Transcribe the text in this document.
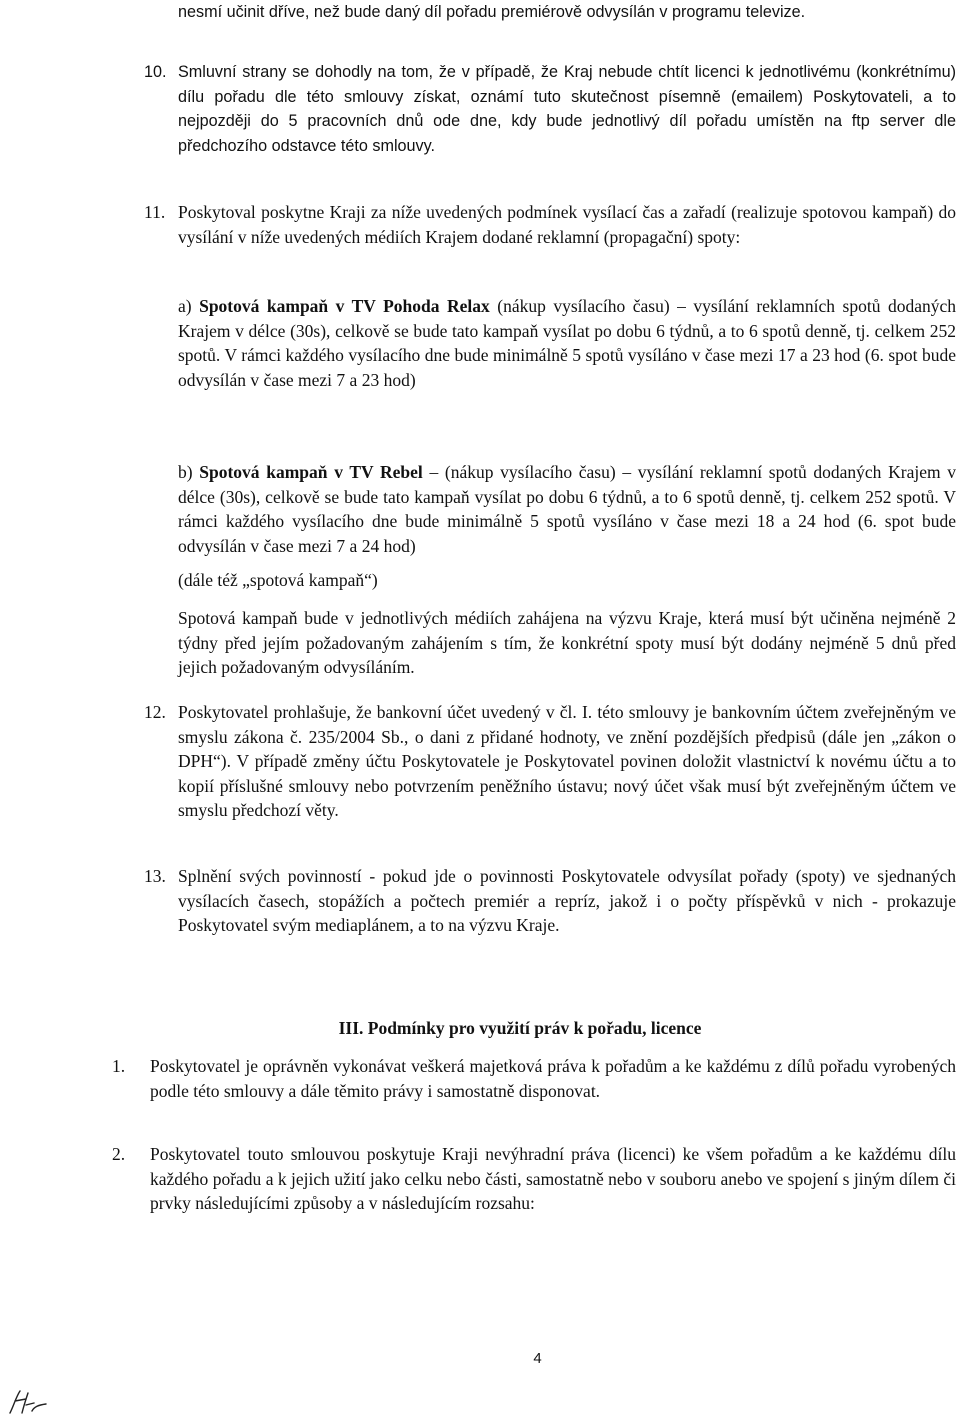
nesmí učinit dříve, než bude daný díl pořadu premiérově odvysílán v programu televize.

10. Smluvní strany se dohodly na tom, že v případě, že Kraj nebude chtít licenci k jednotlivému (konkrétnímu) dílu pořadu dle této smlouvy získat, oznámí tuto skutečnost písemně (emailem) Poskytovateli, a to nejpozději do 5 pracovních dnů ode dne, kdy bude jednotlivý díl pořadu umístěn na ftp server dle předchozího odstavce této smlouvy.

11. Poskytoval poskytne Kraji za níže uvedených podmínek vysílací čas a zařadí (realizuje spotovou kampaň) do vysílání v níže uvedených médiích Krajem dodané reklamní (propagační) spoty:

a) Spotová kampaň v TV Pohoda Relax (nákup vysílacího času) – vysílání reklamních spotů dodaných Krajem v délce (30s), celkově se bude tato kampaň vysílat po dobu 6 týdnů, a to 6 spotů denně, tj. celkem 252 spotů. V rámci každého vysílacího dne bude minimálně 5 spotů vysíláno v čase mezi 17 a 23 hod (6. spot bude odvysílán v čase mezi 7 a 23 hod)

b) Spotová kampaň v TV Rebel – (nákup vysílacího času) – vysílání reklamní spotů dodaných Krajem v délce (30s), celkově se bude tato kampaň vysílat po dobu 6 týdnů, a to 6 spotů denně, tj. celkem 252 spotů. V rámci každého vysílacího dne bude minimálně 5 spotů vysíláno v čase mezi 18 a 24 hod (6. spot bude odvysílán v čase mezi 7 a 24 hod)

(dále též „spotová kampaň“)

Spotová kampaň bude v jednotlivých médiích zahájena na výzvu Kraje, která musí být učiněna nejméně 2 týdny před jejím požadovaným zahájením s tím, že konkrétní spoty musí být dodány nejméně 5 dnů před jejich požadovaným odvysíláním.

12. Poskytovatel prohlašuje, že bankovní účet uvedený v čl. I. této smlouvy je bankovním účtem zveřejněným ve smyslu zákona č. 235/2004 Sb., o dani z přidané hodnoty, ve znění pozdějších předpisů (dále jen „zákon o DPH“). V případě změny účtu Poskytovatele je Poskytovatel povinen doložit vlastnictví k novému účtu a to kopií příslušné smlouvy nebo potvrzením peněžního ústavu; nový účet však musí být zveřejněným účtem ve smyslu předchozí věty.

13. Splnění svých povinností - pokud jde o povinnosti Poskytovatele odvysílat pořady (spoty) ve sjednaných vysílacích časech, stopážích a počtech premiér a repríz, jakož i o počty příspěvků v nich - prokazuje Poskytovatel svým mediaplánem, a to na výzvu Kraje.

III. Podmínky pro využití práv k pořadu, licence
1. Poskytovatel je oprávněn vykonávat veškerá majetková práva k pořadům a ke každému z dílů pořadu vyrobených podle této smlouvy a dále těmito právy i samostatně disponovat.

2. Poskytovatel touto smlouvou poskytuje Kraji nevýhradní práva (licenci) ke všem pořadům a ke každému dílu každého pořadu a k jejich užití jako celku nebo části, samostatně nebo v souboru anebo ve spojení s jiným dílem či prvky následujícími způsoby a v následujícím rozsahu:

4
